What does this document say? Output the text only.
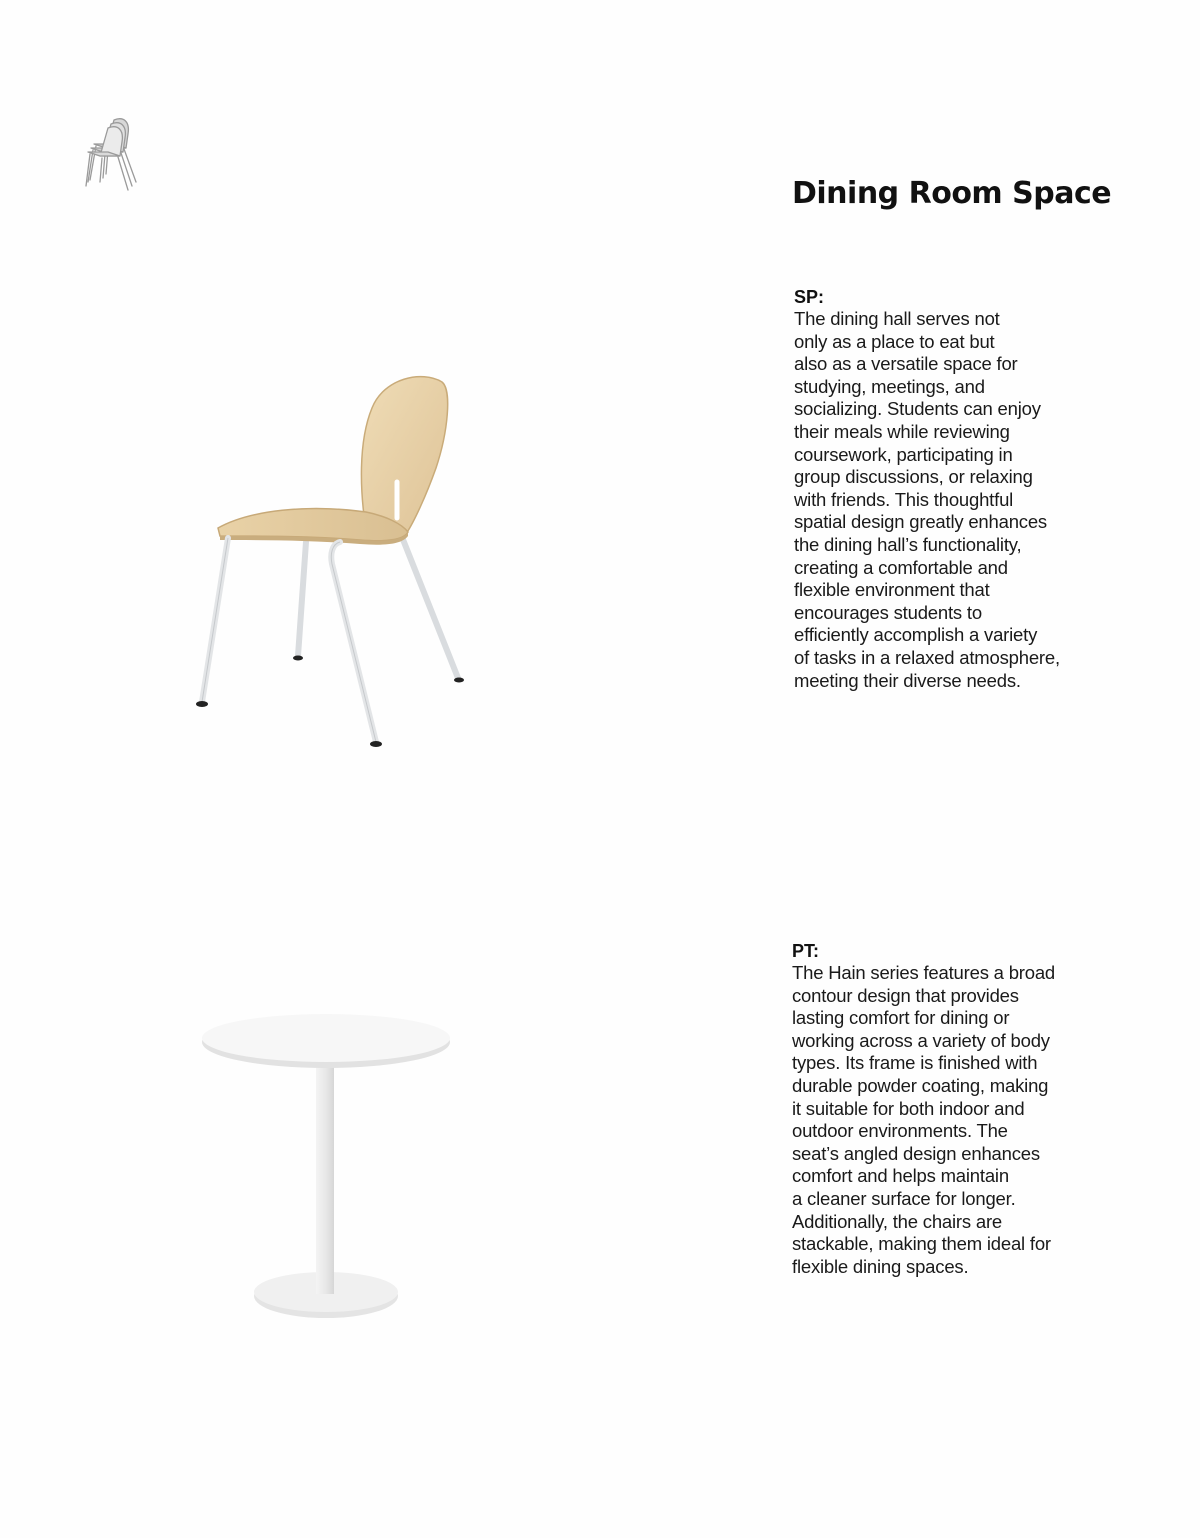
Dining Room Space

SP:

The dining hall serves not
only as a place to eat but
also as a versatile space for
studying, meetings, and
socializing. Students can enjoy
their meals while reviewing
coursework, participating in
group discussions, or relaxing
with friends. This thoughtful
spatial design greatly enhances
the dining hall’s functionality,
creating a comfortable and
flexible environment that
encourages students to
efficiently accomplish a variety
of tasks in a relaxed atmosphere,
meeting their diverse needs.

PT:

The Hain series features a broad
contour design that provides
lasting comfort for dining or
working across a variety of body
types. Its frame is finished with
durable powder coating, making
it suitable for both indoor and
outdoor environments. The
seat’s angled design enhances
comfort and helps maintain
a cleaner surface for longer.
Additionally, the chairs are
stackable, making them ideal for
flexible dining spaces.
